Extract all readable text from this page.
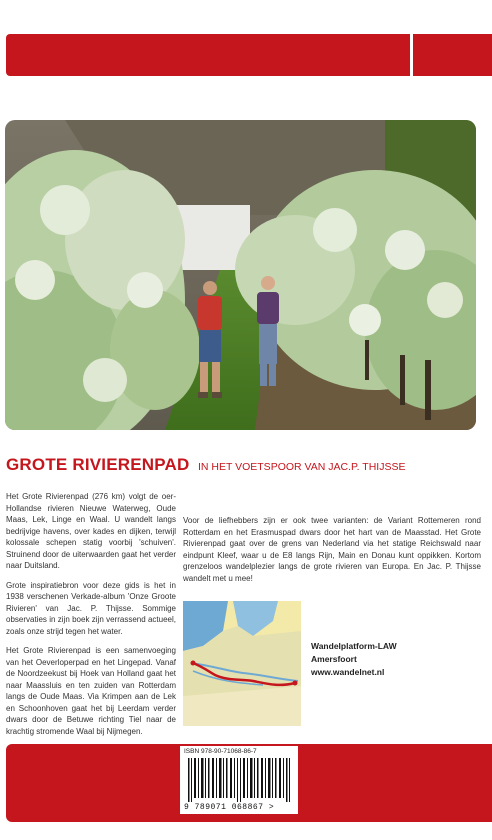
GROTE RIVIERENPAD IN HET VOETSPOOR VAN JAC.P. THIJSSE

Het Grote Rivierenpad (276 km) volgt de oer-Hollandse rivieren Nieuwe Waterweg, Oude Maas, Lek, Linge en Waal. U wandelt langs bedrijvige havens, over kades en dijken, terwijl kolossale schepen statig voorbij 'schuiven'. Struinend door de uiterwaarden gaat het verder naar Duitsland.

Grote inspiratiebron voor deze gids is het in 1938 verschenen Verkade-album 'Onze Groote Rivieren' van Jac. P. Thijsse. Sommige observaties in zijn boek zijn verrassend actueel, zoals onze strijd tegen het water.

Het Grote Rivierenpad is een samenvoeging van het Oeverloperpad en het Lingepad. Vanaf de Noordzeekust bij Hoek van Holland gaat het naar Maassluis en ten zuiden van Rotterdam langs de Oude Maas. Via Krimpen aan de Lek en Schoonhoven gaat het bij Leerdam verder dwars door de Betuwe richting Tiel naar de krachtig stromende Waal bij Nijmegen.

Voor de liefhebbers zijn er ook twee varianten: de Variant Rottemeren rond Rotterdam en het Erasmuspad dwars door het hart van de Maasstad. Het Grote Rivierenpad gaat over de grens van Nederland via het statige Reichswald naar eindpunt Kleef, waar u de E8 langs Rijn, Main en Donau kunt oppikken. Kortom grenzeloos wandelplezier langs de grote rivieren van Europa. En Jac. P. Thijsse wandelt met u mee!

Wandelplatform-LAW
Amersfoort
www.wandelnet.nl
ISBN 978-90-71068-86-7
9 789071 068867 >
